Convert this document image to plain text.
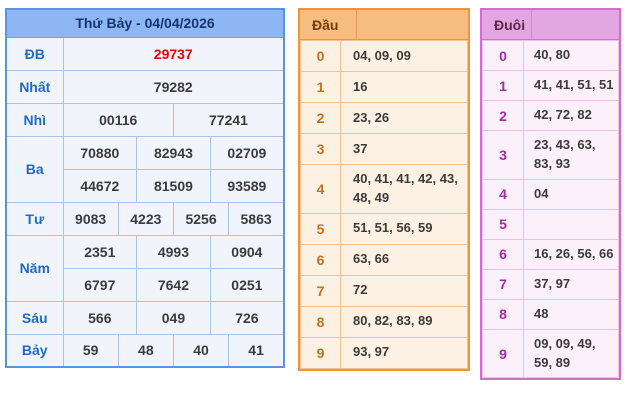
Thứ Bảy - 04/04/2026						
ĐB	29737					
Nhất	79282					
Nhì	00116			77241		
Ba	70880		82943		02709	
	44672		81509		93589	
Tư	9083	4223		5256		5863
Năm	2351		4993		0904	
	6797		7642		0251	
Sáu	566		049		726	
Bảy	59	48		40		41
Đầu
0	04, 09, 09
1	16
2	23, 26
3	37
4	40, 41, 41, 42, 43, 48, 49
5	51, 51, 56, 59
6	63, 66
7	72
8	80, 82, 83, 89
9	93, 97
Đuôi
0	40, 80
1	41, 41, 51, 51
2	42, 72, 82
3	23, 43, 63, 83, 93
4	04
5	
6	16, 26, 56, 66
7	37, 97
8	48
9	09, 09, 49, 59, 89
